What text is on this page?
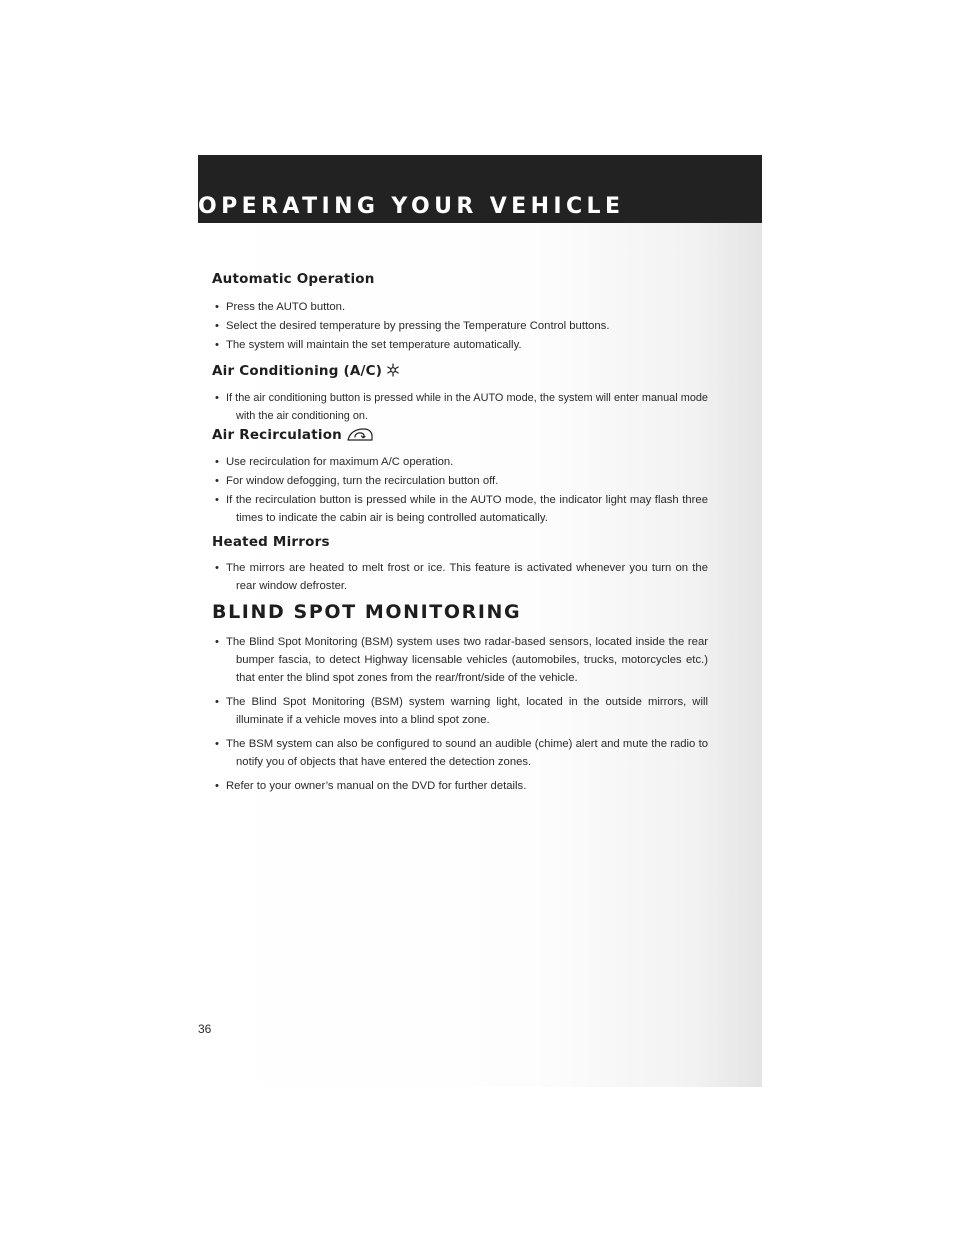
OPERATING YOUR VEHICLE
Automatic Operation
• Press the AUTO button.
• Select the desired temperature by pressing the Temperature Control buttons.
• The system will maintain the set temperature automatically.
Air Conditioning (A/C)
• If the air conditioning button is pressed while in the AUTO mode, the system will enter manual mode with the air conditioning on.
Air Recirculation
• Use recirculation for maximum A/C operation.
• For window defogging, turn the recirculation button off.
• If the recirculation button is pressed while in the AUTO mode, the indicator light may flash three times to indicate the cabin air is being controlled automatically.
Heated Mirrors
• The mirrors are heated to melt frost or ice. This feature is activated whenever you turn on the rear window defroster.
BLIND SPOT MONITORING
• The Blind Spot Monitoring (BSM) system uses two radar-based sensors, located inside the rear bumper fascia, to detect Highway licensable vehicles (automobiles, trucks, motorcycles etc.) that enter the blind spot zones from the rear/front/side of the vehicle.
• The Blind Spot Monitoring (BSM) system warning light, located in the outside mirrors, will illuminate if a vehicle moves into a blind spot zone.
• The BSM system can also be configured to sound an audible (chime) alert and mute the radio to notify you of objects that have entered the detection zones.
• Refer to your owner’s manual on the DVD for further details.
36
